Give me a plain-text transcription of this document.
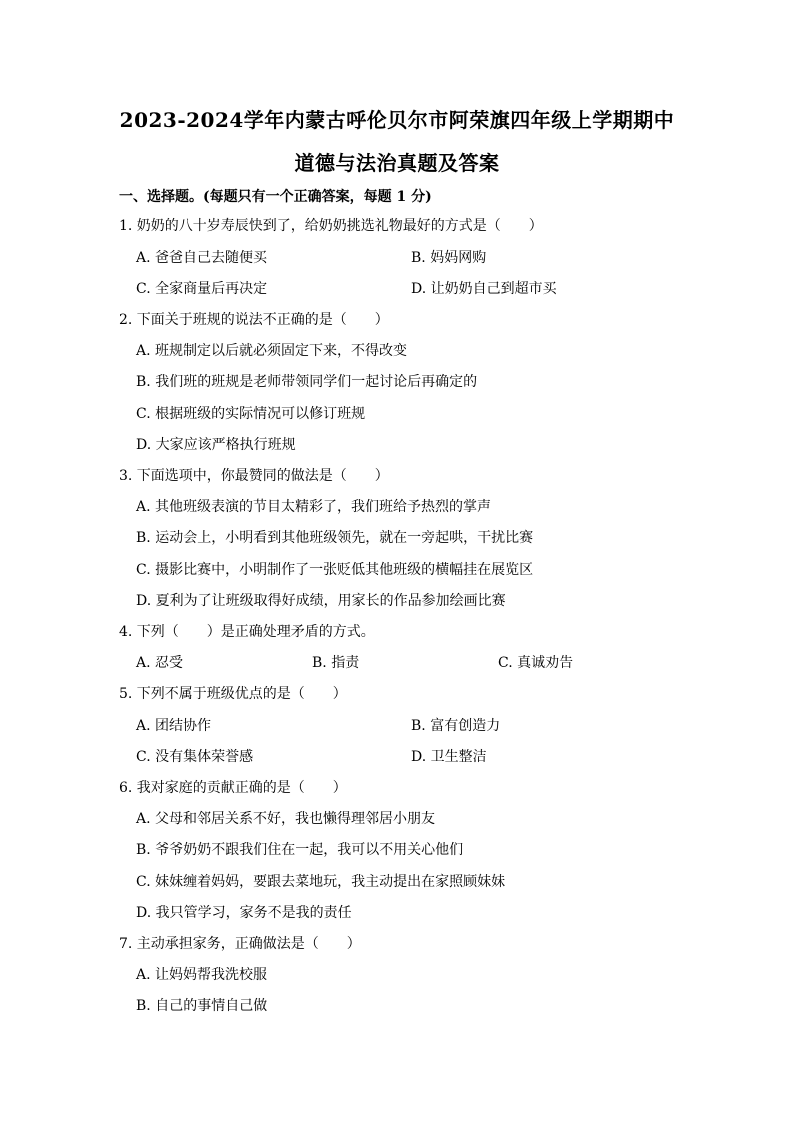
2023-2024学年内蒙古呼伦贝尔市阿荣旗四年级上学期期中
道德与法治真题及答案
一、选择题。(每题只有一个正确答案，每题 1 分)
1. 奶奶的八十岁寿辰快到了，给奶奶挑选礼物最好的方式是（　　）
A. 爸爸自己去随便买	B. 妈妈网购
C. 全家商量后再决定	D. 让奶奶自己到超市买
2. 下面关于班规的说法不正确的是（　　）
A. 班规制定以后就必须固定下来，不得改变
B. 我们班的班规是老师带领同学们一起讨论后再确定的
C. 根据班级的实际情况可以修订班规
D. 大家应该严格执行班规
3. 下面选项中，你最赞同的做法是（　　）
A. 其他班级表演的节目太精彩了，我们班给予热烈的掌声
B. 运动会上，小明看到其他班级领先，就在一旁起哄，干扰比赛
C. 摄影比赛中，小明制作了一张贬低其他班级的横幅挂在展览区
D. 夏利为了让班级取得好成绩，用家长的作品参加绘画比赛
4. 下列（　　）是正确处理矛盾的方式。
A. 忍受	B. 指责	C. 真诚劝告
5. 下列不属于班级优点的是（　　）
A. 团结协作	B. 富有创造力
C. 没有集体荣誉感	D. 卫生整洁
6. 我对家庭的贡献正确的是（　　）
A. 父母和邻居关系不好，我也懒得理邻居小朋友
B. 爷爷奶奶不跟我们住在一起，我可以不用关心他们
C. 妹妹缠着妈妈，要跟去菜地玩，我主动提出在家照顾妹妹
D. 我只管学习，家务不是我的责任
7. 主动承担家务，正确做法是（　　）
A. 让妈妈帮我洗校服
B. 自己的事情自己做
